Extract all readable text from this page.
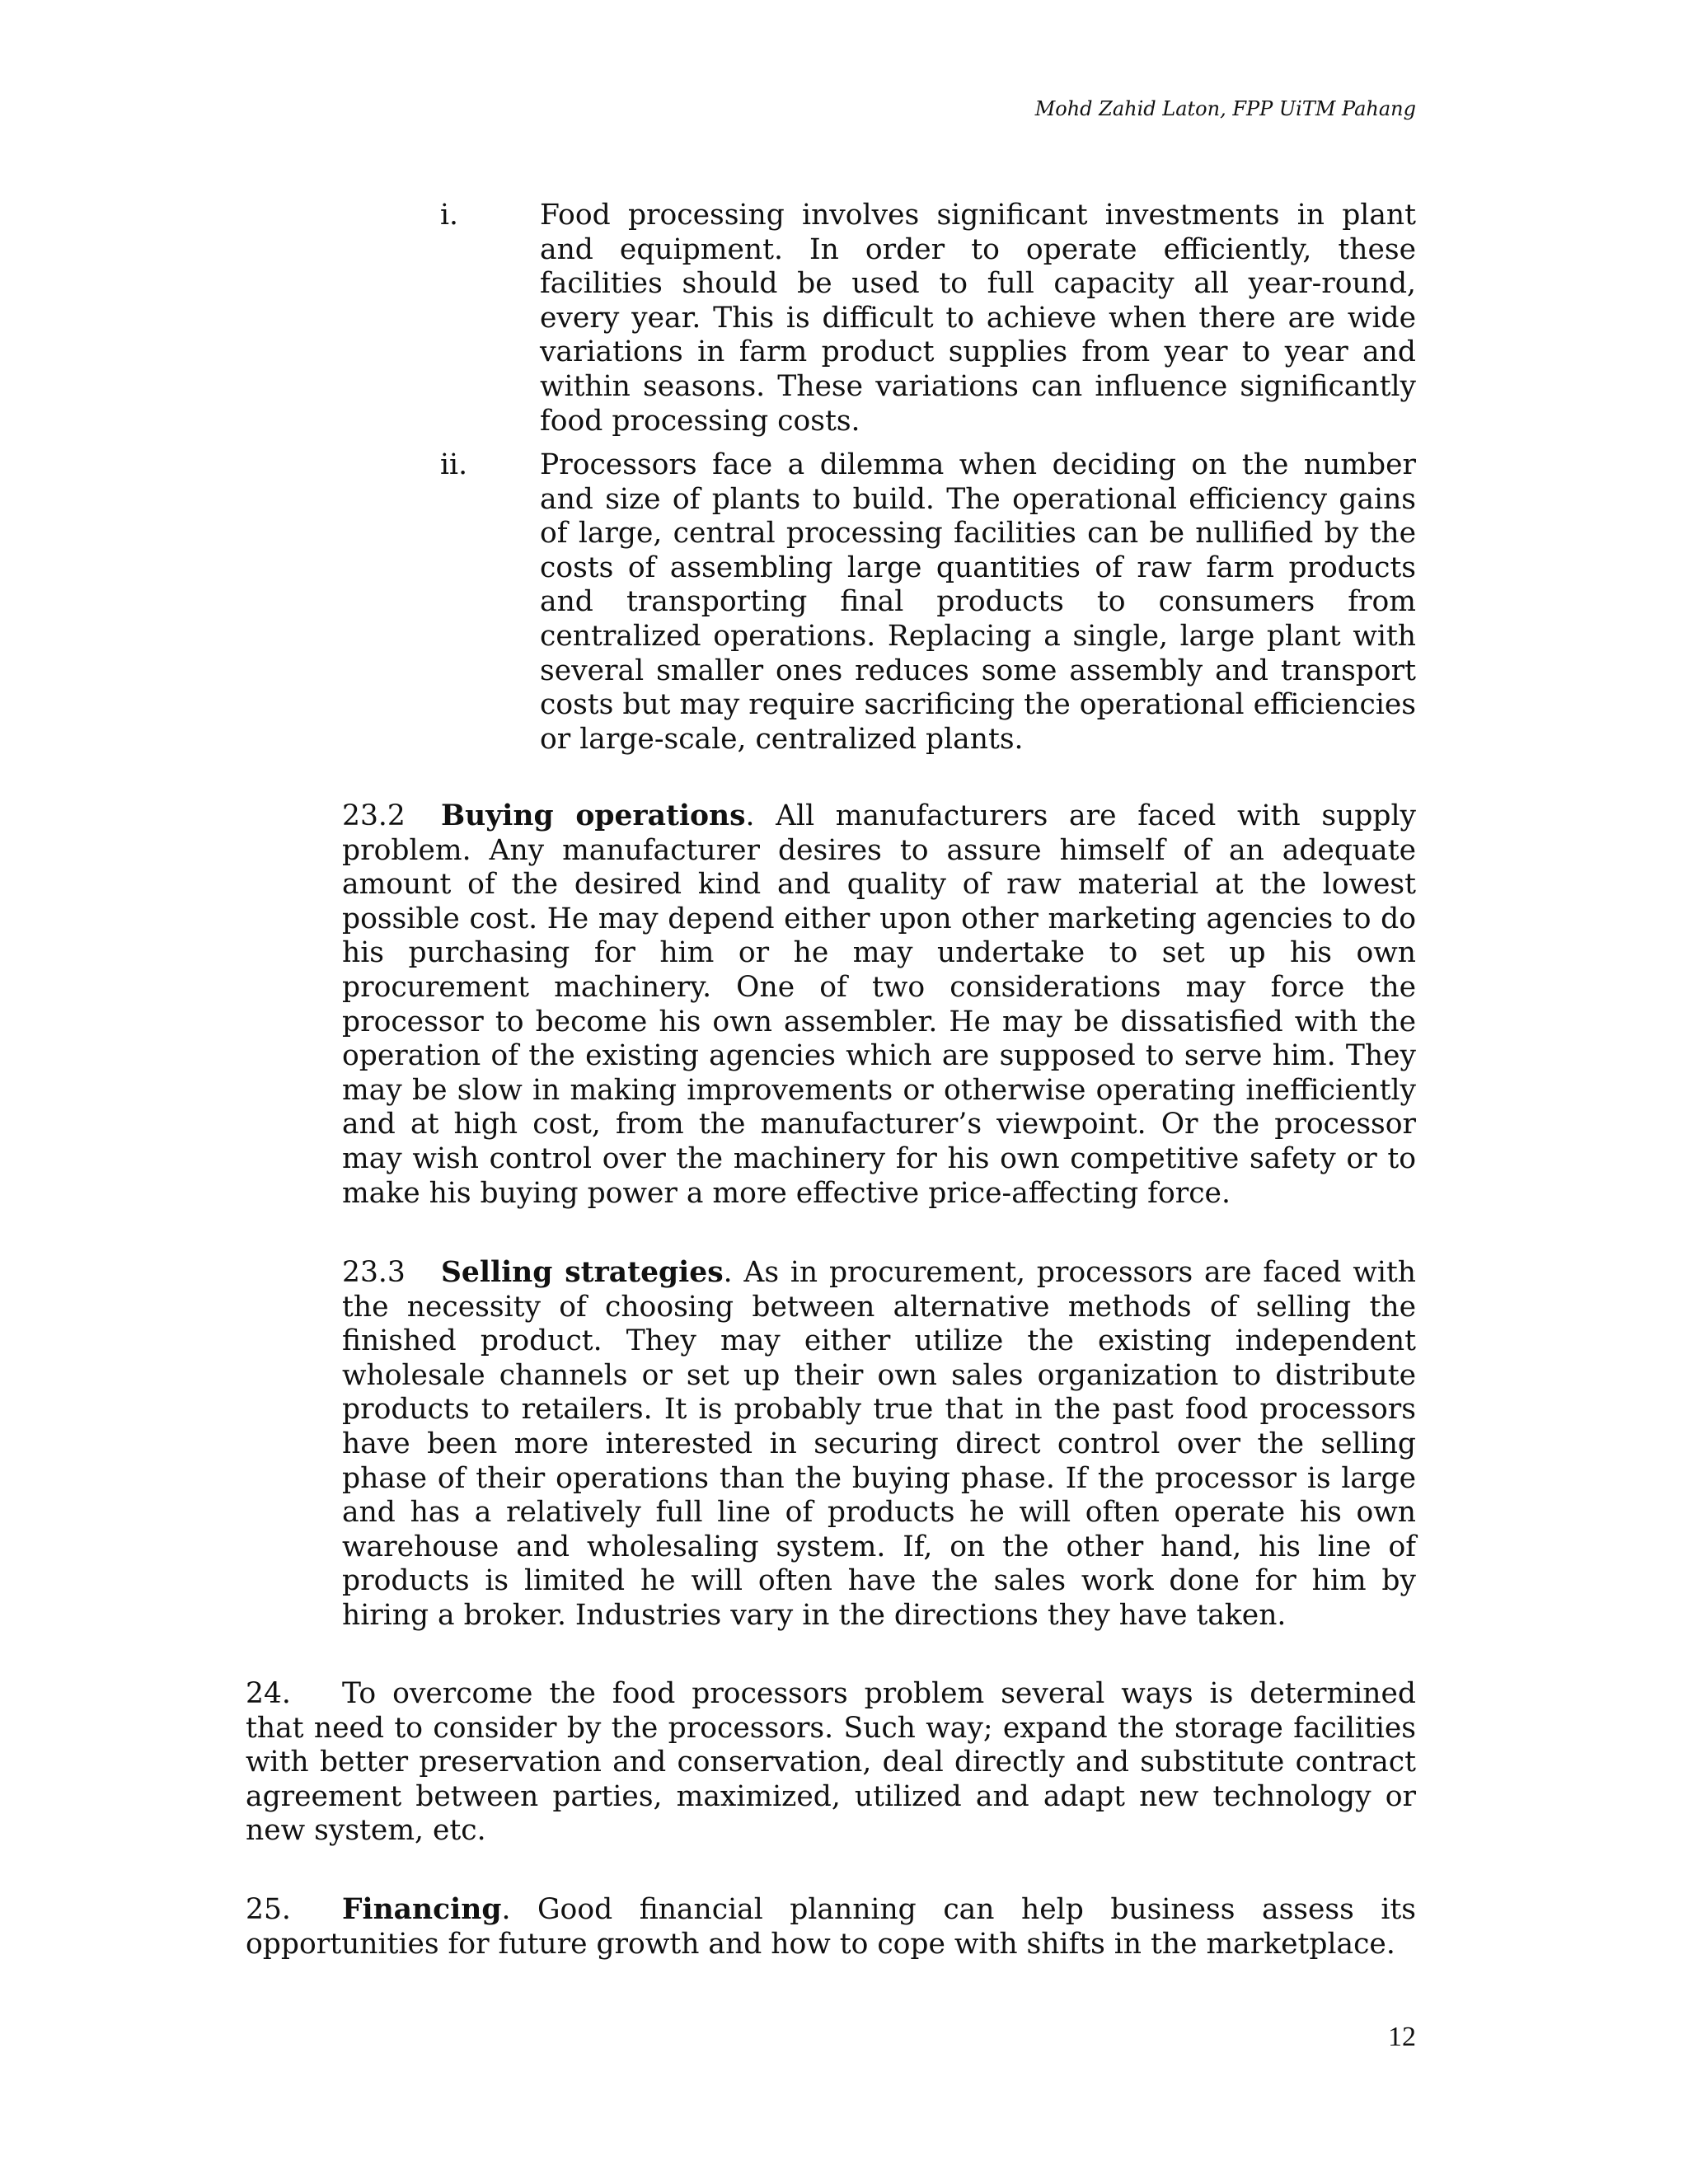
Mohd Zahid Laton, FPP UiTM Pahang
i.	Food processing involves significant investments in plant and equipment. In order to operate efficiently, these facilities should be used to full capacity all year-round, every year. This is difficult to achieve when there are wide variations in farm product supplies from year to year and within seasons. These variations can influence significantly food processing costs.
ii.	Processors face a dilemma when deciding on the number and size of plants to build. The operational efficiency gains of large, central processing facilities can be nullified by the costs of assembling large quantities of raw farm products and transporting final products to consumers from centralized operations. Replacing a single, large plant with several smaller ones reduces some assembly and transport costs but may require sacrificing the operational efficiencies or large-scale, centralized plants.
23.2 Buying operations. All manufacturers are faced with supply problem. Any manufacturer desires to assure himself of an adequate amount of the desired kind and quality of raw material at the lowest possible cost. He may depend either upon other marketing agencies to do his purchasing for him or he may undertake to set up his own procurement machinery. One of two considerations may force the processor to become his own assembler. He may be dissatisfied with the operation of the existing agencies which are supposed to serve him. They may be slow in making improvements or otherwise operating inefficiently and at high cost, from the manufacturer’s viewpoint. Or the processor may wish control over the machinery for his own competitive safety or to make his buying power a more effective price-affecting force.
23.3 Selling strategies. As in procurement, processors are faced with the necessity of choosing between alternative methods of selling the finished product. They may either utilize the existing independent wholesale channels or set up their own sales organization to distribute products to retailers. It is probably true that in the past food processors have been more interested in securing direct control over the selling phase of their operations than the buying phase. If the processor is large and has a relatively full line of products he will often operate his own warehouse and wholesaling system. If, on the other hand, his line of products is limited he will often have the sales work done for him by hiring a broker. Industries vary in the directions they have taken.
24. To overcome the food processors problem several ways is determined that need to consider by the processors. Such way; expand the storage facilities with better preservation and conservation, deal directly and substitute contract agreement between parties, maximized, utilized and adapt new technology or new system, etc.
25. Financing. Good financial planning can help business assess its opportunities for future growth and how to cope with shifts in the marketplace.
12
